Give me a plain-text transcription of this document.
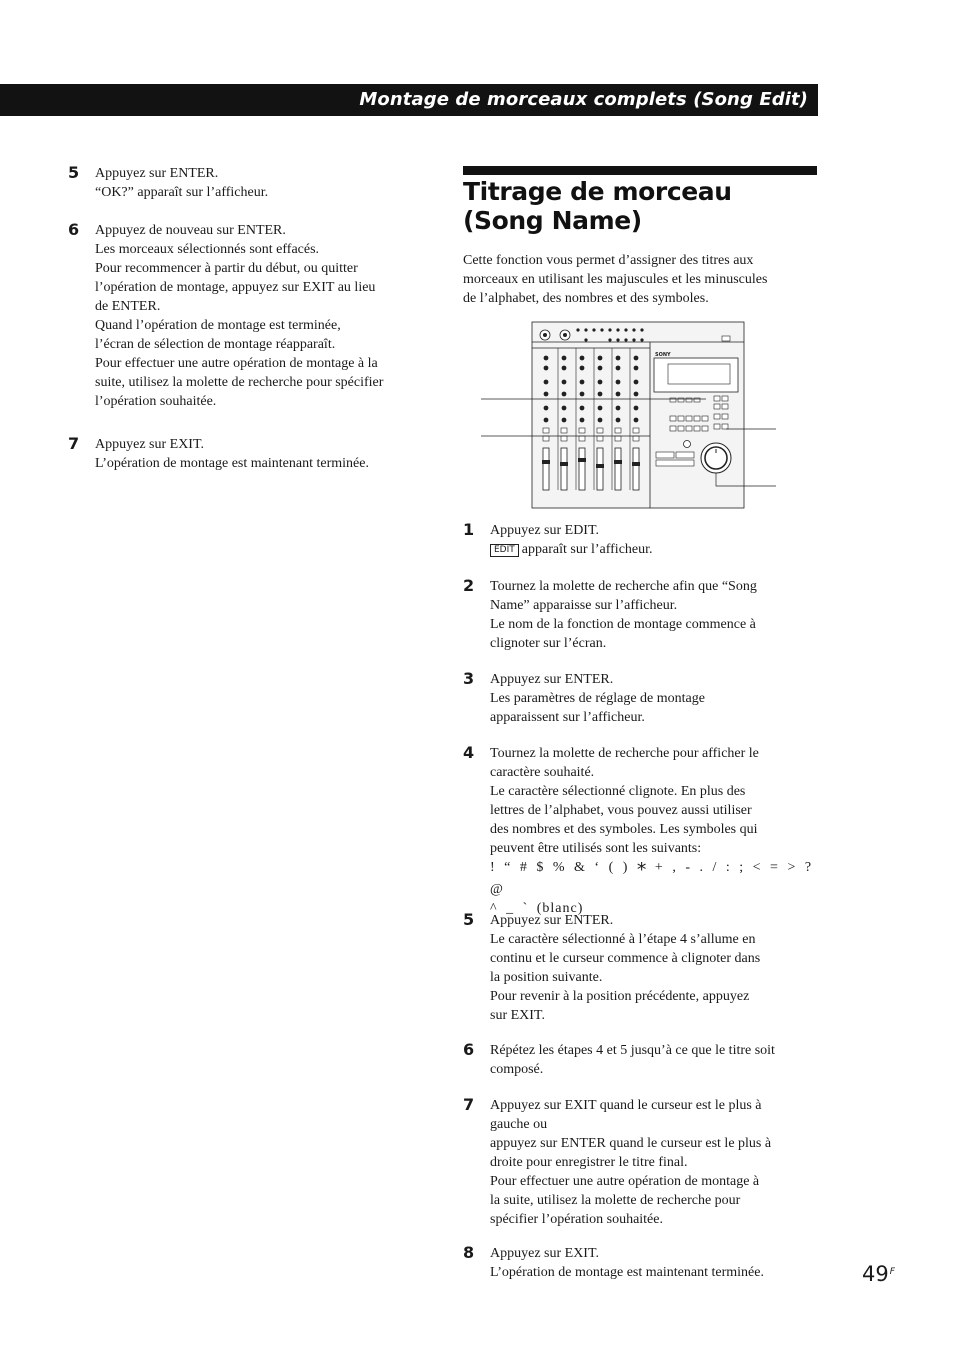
Montage de morceaux complets (Song Edit)
5 Appuyez sur ENTER.

“OK?” apparaît sur l’afficheur.

6 Appuyez de nouveau sur ENTER.

Les morceaux sélectionnés sont effacés.

Pour recommencer à partir du début, ou quitter

l’opération de montage, appuyez sur EXIT au lieu

de ENTER.

Quand l’opération de montage est terminée,

l’écran de sélection de montage réapparaît.

Pour effectuer une autre opération de montage à la

suite, utilisez la molette de recherche pour spécifier

l’opération souhaitée.

7 Appuyez sur EXIT.

L’opération de montage est maintenant terminée.

Titrage de morceau (Song Name)

Cette fonction vous permet d’assigner des titres aux

morceaux en utilisant les majuscules et les minuscules

de l’alphabet, des nombres et des symboles.

SONY
1 Appuyez sur EDIT.

EDIT apparaît sur l’afficheur.

2 Tournez la molette de recherche afin que “Song

Name” apparaisse sur l’afficheur.

Le nom de la fonction de montage commence à

clignoter sur l’écran.

3 Appuyez sur ENTER.

Les paramètres de réglage de montage

apparaissent sur l’afficheur.

4 Tournez la molette de recherche pour afficher le

caractère souhaité.

Le caractère sélectionné clignote. En plus des

lettres de l’alphabet, vous pouvez aussi utiliser

des nombres et des symboles. Les symboles qui

peuvent être utilisés sont les suivants:

! “ # $ % & ‘ ( ) * + , - . / : ; < = > ? @

^ _ ` (blanc)

5 Appuyez sur ENTER.

Le caractère sélectionné à l’étape 4 s’allume en

continu et le curseur commence à clignoter dans

la position suivante.

Pour revenir à la position précédente, appuyez

sur EXIT.

6 Répétez les étapes 4 et 5 jusqu’à ce que le titre soit

composé.

7 Appuyez sur EXIT quand le curseur est le plus à

gauche ou

appuyez sur ENTER quand le curseur est le plus à

droite pour enregistrer le titre final.

Pour effectuer une autre opération de montage à

la suite, utilisez la molette de recherche pour

spécifier l’opération souhaitée.

8 Appuyez sur EXIT.

L’opération de montage est maintenant terminée.	$49^F$
